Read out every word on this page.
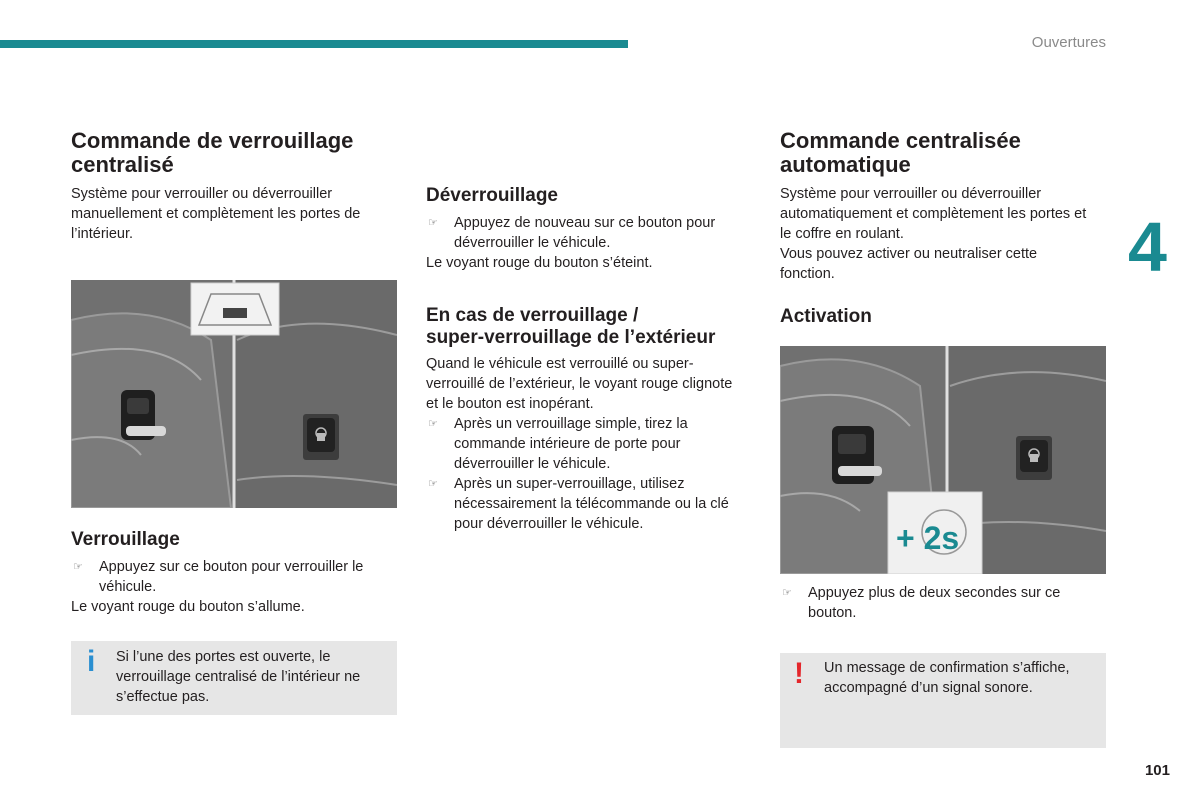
Ouvertures
4
101
Commande de verrouillage
centralisé
Système pour verrouiller ou déverrouiller
manuellement et complètement les portes de
l’intérieur.
Verrouillage
☞ Appuyez sur ce bouton pour verrouiller le
véhicule.
Le voyant rouge du bouton s’allume.
i Si l’une des portes est ouverte, le
verrouillage centralisé de l’intérieur ne
s’effectue pas.
Déverrouillage
☞ Appuyez de nouveau sur ce bouton pour
déverrouiller le véhicule.
Le voyant rouge du bouton s’éteint.
En cas de verrouillage /
super-verrouillage de l’extérieur
Quand le véhicule est verrouillé ou super-
verrouillé de l’extérieur, le voyant rouge clignote
et le bouton est inopérant.
☞ Après un verrouillage simple, tirez la
commande intérieure de porte pour
déverrouiller le véhicule.
☞ Après un super-verrouillage, utilisez
nécessairement la télécommande ou la clé
pour déverrouiller le véhicule.
Commande centralisée
automatique
Système pour verrouiller ou déverrouiller
automatiquement et complètement les portes et
le coffre en roulant.
Vous pouvez activer ou neutraliser cette
fonction.
Activation
+ 2s
☞ Appuyez plus de deux secondes sur ce
bouton.
! Un message de confirmation s’affiche,
accompagné d’un signal sonore.
